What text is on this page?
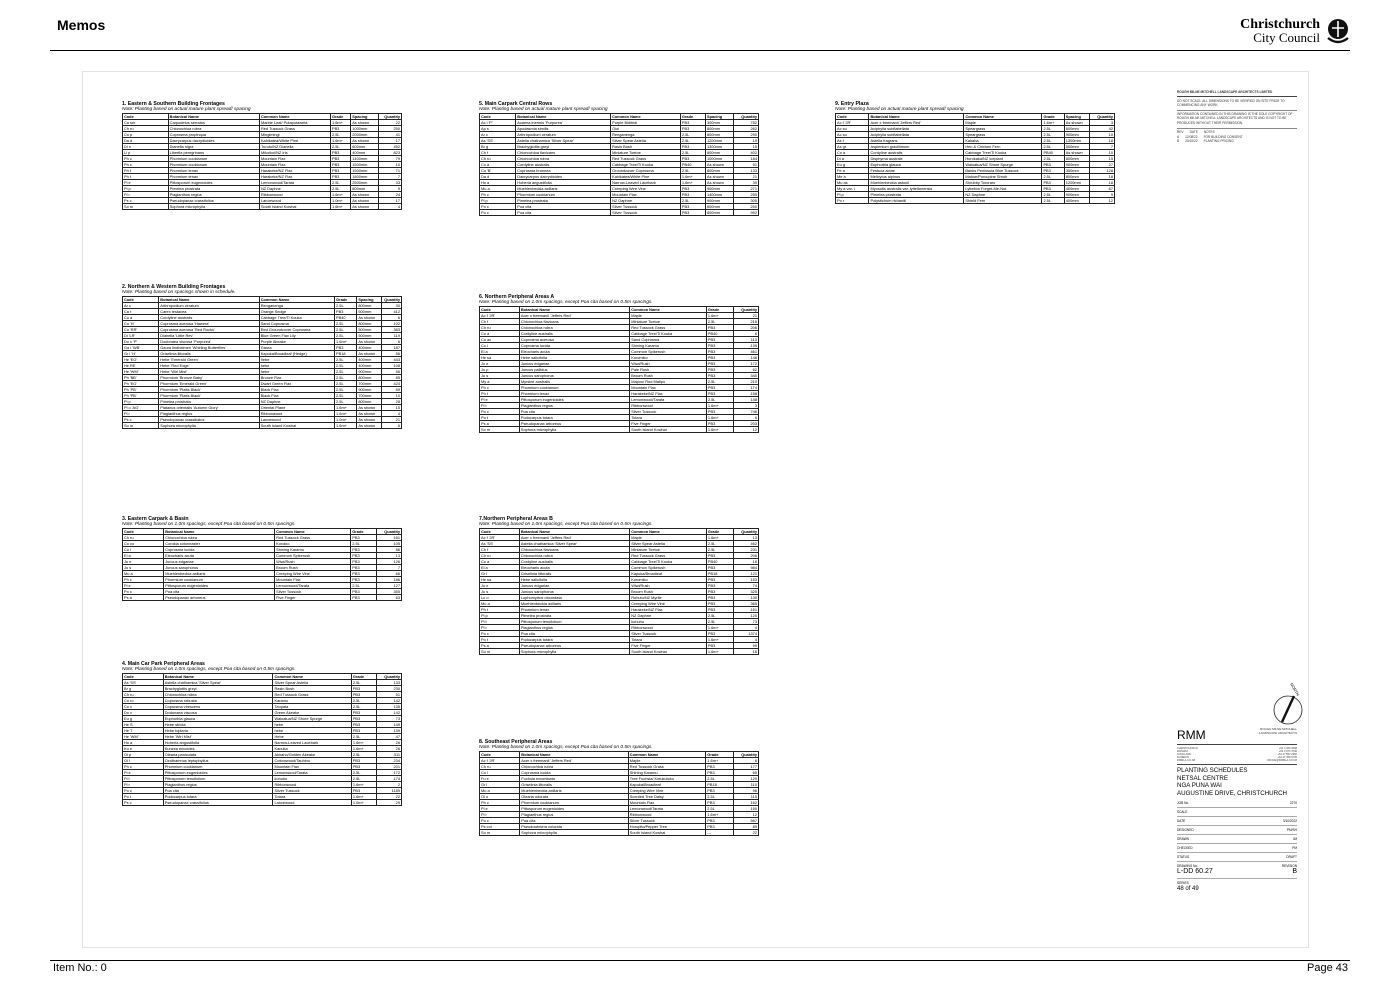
Memos	Christchurch
City Council
1. Eastern & Southern Building Frontages
Note: Planting based on actual mature plant spread/ spacing
Code	Botanical Name	Common Name	Grade	Spacing	Quantity
Ca ser	Carpodetus serratus	Marble Leaf/ Putaputaweta	1.6m+	As shown	22
Ch ru	Chionochloa rubra	Red Tussock Grass	PB3	1000mm	250
Co p	Coprosma propinqua	Mingimingi	2.5L	2000mm	41
Da d	Dacrycarpus dacrydioides	Kahikatea/White Pine	1.6m+	As shown	17
Di n	Dianella nigra	Turutu/NZ Dianella	2.5L	600mm	452
Li p	Libertia peregrinans	Mikoikoi/NZ Iris	PB3	400mm	823
Ph c	Phormium cookianum	Mountain Flax	PB3	1400mm	79
Ph c	Phormium cookianum	Mountain Flax	PB3	1500mm	10
Ph t	Phormium tenax	Harakeke/NZ Flax	PB3	1500mm	71
Ph t	Phormium tenax	Harakeke/NZ Flax	PB3	1800mm	7
Pi e	Pittosporum eugenioides	Lemonwood/Tarata	2.5L	2500mm	33
Pi p	Pimelea prostrata	NZ Daphne	2.5L	800mm	9
Pl r	Plagianthus regius	Ribbonwood	1.6m+	As shown	24
Ps c	Pseudopanax crassifolius	Lancewood	1.0m+	As shown	17
So m	Sophora microphylla	South Island Kowhai	1.6m+	As shown	4
5. Main Carpark Central Rows
Note: Planting based on actual mature plant spread/ spacing
Code	Botanical Name	Common Name	Grade	Spacing	Quantity
Ac i 'P'	Acaena inermis 'Purpurea'	Purple Bidibidi	PB3	300mm	782
Ap s	Apodasmia similis	Oioi	PB3	800mm	262
Ar c	Arthropodium cirratum	Renganenga	2.5L	800mm	290
As 'SS'	Astelia chathamica 'Silver Spear'	Silver Spear Astelia	2.5L	1200mm	19
Br g	Brachyglottis greyi	Rasin Bush	PB3	1300mm	15
Ch f	Chionochloa flavicans	Miniature Toetoe	2.5L	800mm	402
Ch ru	Chionochloa rubra	Red Tussock Grass	PB3	1000mm	184
Co a	Cordyline australis	Cabbage Tree/Ti Kouka	PB40	As shown	51
Co 'B'	Coprosma brunnea	Groundcover Coprosma	2.5L	800mm	133
Da d	Dacrycarpus dacrydioides	Kahikatea/White Pine	1.6m+	As shown	21
Ho a	Hoheria angustifolia	Narrow-Leaved Lacebark	1.6m+	As shown	39
Mu a	Muehlenbeckia axillaris	Creeping Wire Vine	PB3	900mm	271
Ph c	Phormium cookianum	Mountain Flax	PB3	1400mm	259
Pi p	Pimelea prostrata	NZ Daphne	2.5L	900mm	305
Po c	Poa cita	Silver Tussock	PB3	600mm	250
Po c	Poa cita	Silver Tussock	PB3	800mm	992
9. Entry Plaza
Note: Planting based on actual mature plant spread/ spacing
Code	Botanical Name	Common Name	Grade	Spacing	Quantity
Ac f 'JR'	Acer x freemanii 'Jeffers Red'	Maple	1.6m+	As shown	3
Ac su	Aciphylla subflabellata	Speargrass	2.5L	600mm	42
Ac su	Aciphylla subflabellata	Speargrass	2.5L	900mm	10
As f	Astelia fragrans	Kakaha	2.5L	1300mm	18
As gr	Asplenium gracillimum	Hen & Chicken Fern	2.5L	500mm	7
Co a	Cordyline australis	Cabbage Tree/Ti Kouka	PB40	As shown	10
Di a	Disphyma australe	Horokaka/NZ Iceplant	2.5L	800mm	15
Eu g	Euphorbia glauca	Waiuatua/NZ Shore Spurge	PB3	900mm	27
Fe a	Festuca actae	Banks Peninsula Blue Tussock	PB3	350mm	128
Me a	Melicytus alpinus	Mahoe/Porcupine Shrub	2.5L	800mm	18
Mu as	Muehlenbeckia astonii	Shrubby Tororaro	PB3	1200mm	18
My a var. l	Myosotis australis var. lytteltonensis	Lyttelton Forget-Me-Not	PB3	400mm	67
Pi p	Pimelea prostrata	NZ Daphne	2.5L	900mm	9
Po r	Polystichum richardii	Shield Fern	2.5L	400mm	12
2. Northern & Western Building Frontages
Note: Planting based on spacings shown in schedule.
Code	Botanical Name	Common Name	Grade	Spacing	Quantity
Ar c	Arthropodium cirratum	Renganenga	2.5L	800mm	30
Ca t	Carex testacea	Orange Sedge	PB3	500mm	412
Co a	Cordyline australis	Cabbage Tree/Ti Kouka	PB40	As shown	6
Co 'H'	Coprosma acerosa 'Hawera'	Sand Coprosma	2.5L	800mm	102
Co 'RR'	Coprosma acerosa 'Red Rocks'	Red Groundcover Coprosma	2.5L	500mm	383
Di 'LR'	Dianella 'Little Rev'	Blue Green Flax Lily	2.5L	500mm	119
Do v 'P'	Dodonaea viscosa 'Purpurea'	Purple Akeake	1.6m+	As shown	6
Ga l 'WB'	Gaura lindheimeri 'Whirling Butterflies'	Gaura	PB3	400mm	187
Gr l 'H'	Griselinia littoralis	Kapuka/Broadleaf (Hedge)	PB18	As shown	56
He 'EG'	Hebe 'Emerald Green'	hebe	2.5L	400mm	443
He RE	Hebe 'Red Edge'	hebe	2.5L	400mm	108
He 'WM'	Hebe 'Wiri Mist'	hebe	2.5L	900mm	56
Ph 'BB'	Phormium 'Bronze Baby'	Bronze Flax	2.5L	800mm	85
Ph 'EG'	Phormium 'Emerald Green'	Dwarf Green Flax	2.5L	700mm	424
Ph 'PB'	Phormium 'Platts Black'	Black Flax	2.5L	900mm	59
Ph 'PB'	Phormium 'Platts Black'	Black Flax	2.5L	700mm	10
Pi p	Pimelea prostrata	NZ Daphne	2.5L	800mm	28
Pl o 'AG'	Platanus orientalis 'Autumn Glory'	Oriental Plane	1.6m+	As shown	15
Pl r	Plagianthus regius	Ribbonwood	1.6m+	As shown	4
Ps c	Pseudopanax crassifolius	Lancewood	1.0m+	As shown	21
So m	Sophora microphylla	South Island Kowhai	1.6m+	As shown	6
6. Northern Peripheral Areas A
Note: Planting based on 1.0m spacings, except Poa cita based on 0.5m spacings.
Code	Botanical Name	Common Name	Grade	Quantity
Ac f 'JR'	Acer x freemanii 'Jeffers Red'	Maple	1.6m+	21
Ch f	Chionochloa flavicans	Miniature Toetoe	2.5L	216
Ch ru	Chionochloa rubra	Red Tussock Grass	PB3	206
Co a	Cordyline australis	Cabbage Tree/Ti Kouka	PB40	6
Co ac	Coprosma acerosa	Sand Coprosma	PB3	113
Co l	Coprosma lucida	Shining Karamu	PB3	139
El a	Eleocharis acuta	Common Spikerush	PB3	461
He sa	Hebe salicifolia	Koromiko	PB3	146
Ju e	Juncus edgariae	Wiwi/Rush	PB3	172
Ju p	Juncus pallidus	Pale Rush	PB3	62
Ju s	Juncus sarophorus	Broom Rush	PB3	340
My a	Myrsine australis	Mapou/ Red Matipo	2.5L	210
Ph c	Phormium cookianum	Mountain Flax	PB3	174
Ph t	Phormium tenax	Harakeke/NZ Flax	PB3	158
Pi e	Pittosporum eugenioides	Lemonwood/Tarata	2.5L	148
Pl r	Plagianthus regius	Ribbonwood	1.6m+	3
Po c	Poa cita	Silver Tussock	PB3	746
Po t	Podocarpus totara	Totara	1.6m+	6
Ps a	Pseudopanax arboreus	Five Finger	PB3	203
So m	Sophora microphylla	South Island Kowhai	1.6m+	12
3. Eastern Carpark & Basin
Note: Planting based on 1.0m spacings, except Poa cita based on 0.5m spacings.
Code	Botanical Name	Common Name	Grade	Quantity
Ch ru	Chionochloa rubra	Red Tussock Grass	PB3	161
Co co	Corokia cotoneaster	Korokio	2.5L	105
Co l	Coprosma lucida	Shining Karamu	PB3	86
El a	Eleocharis acuta	Common Spikerush	PB3	13
Ju e	Juncus edgariae	Wiwi/Rush	PB3	126
Ju s	Juncus sarophorus	Broom Rush	PB3	7
Mu a	Muehlenbeckia axillaris	Creeping Wire Vine	PB3	66
Ph c	Phormium cookianum	Mountain Flax	PB3	186
Pi e	Pittosporum eugenioides	Lemonwood/Tarata	2.5L	127
Po c	Poa cita	Silver Tussock	PB3	355
Ps a	Pseudopanax arboreus	Five Finger	PB3	63
7.Northern Peripheral Areas B
Note: Planting based on 1.0m spacings, except Poa cita based on 0.5m spacings.
Code	Botanical Name	Common Name	Grade	Quantity
Ac f 'JR'	Acer x freemanii 'Jeffers Red'	Maple	1.6m+	13
As 'SS'	Astelia chathamica 'Silver Spear'	Silver Spear Astelia	2.5L	462
Ch f	Chionochloa flavicans	Miniature Toetoe	2.5L	231
Ch ru	Chionochloa rubra	Red Tussock Grass	PB3	206
Co a	Cordyline australis	Cabbage Tree/Ti Kouka	PB40	16
El a	Eleocharis acuta	Common Spikerush	PB3	984
Gr l	Griselinia littoralis	Kapuka/Broadleaf	PB18	121
He sa	Hebe salicifolia	Koromiko	PB3	153
Ju e	Juncus edgariae	Wiwi/Rush	PB3	74
Ju s	Juncus sarophorus	Broom Rush	PB3	325
Lo o	Lophomyrtus obcordata	Rohutu/NZ Myrtle	PB3	130
Mu a	Muehlenbeckia axillaris	Creeping Wire Vine	PB3	365
Ph t	Phormium tenax	Harakeke/NZ Flax	PB3	161
Pi p	Pimelea prostrata	NZ Daphne	2.5L	120
Pi t	Pittosporum tenuifolium	kohuhu	2.5L	73
Pl r	Plagianthus regius	Ribbonwood	1.6m+	4
Po c	Poa cita	Silver Tussock	PB3	1374
Po t	Podocarpus totara	Totara	1.6m+	4
Ps a	Pseudopanax arboreus	Five Finger	PB3	99
So m	Sophora microphylla	South Island Kowhai	1.6m+	16
4. Main Car Park Peripheral Areas
Note: Planting based on 1.0m spacings, except Poa cita based on 0.5m spacings.
Code	Botanical Name	Common Name	Grade	Quantity
As 'SS'	Astelia chathamica 'Silver Spear'	Silver Spear Astelia	2.5L	133
Br g	Brachyglottis greyi	Rasin Bush	PB3	230
Ch ru	Chionochloa rubra	Red Tussock Grass	PB3	51
Co ro	Coprosma robusta	Karamu	2.5L	142
Co v	Coprosma virescens	Taupata	2.5L	135
Do v	Dodonaea viscosa	Green Akeake	PB3	142
Eu g	Euphorbia glauca	Waiuatua/NZ Shore Spurge	PB3	73
He S	Hebe stricta	hebe	PB3	149
He T	Hebe topiaria	hebe	PB3	139
He 'WM'	Hebe 'Wiri Mist'	Hebe	2.5L	47
Ho a	Hoheria angustifolia	Narrow-Leaved Lacebark	1.6m+	26
Ku e	Kunzea ericoides	Kanuka	1.6m+	26
Ol p	Olearia paniculata	Akiraho/Golden Akeake	2.5L	311
Ol l	Ozothamnus leptophyllus	Cottonwood/Tauhinu	PB3	234
Ph c	Phormium cookianum	Mountain Flax	PB3	201
Pi e	Pittosporum eugenioides	Lemonwood/Tarata	2.5L	172
Pi t	Pittosporum tenuifolium	kohuhu	2.5L	174
Pl r	Plagianthus regius	Ribbonwood	1.6m+	2
Po c	Poa cita	Silver Tussock	PB3	1189
Po t	Podocarpus totara	Totara	1.6m+	22
Ps c	Pseudopanax crassifolius	Lancewood	1.0m+	29
8. Southeast Peripheral Areas
Note: Planting based on 1.0m spacings, except Poa cita based on 0.5m spacings.
Code	Botanical Name	Common Name	Grade	Quantity
Ac f 'JR'	Acer x freemanii 'Jeffers Red'	Maple	1.6m+	6
Ch ru	Chionochloa rubra	Red Tussock Grass	PB3	177
Co l	Coprosma lucida	Shining Karamu	PB3	65
Fu e	Fuchsia excorticata	Tree Fuchsia/ Kotukutuku	2.5L	129
Gr l	Griselinia littoralis	Kapuka/Broadleaf	PB18	110
Mu a	Muehlenbeckia axillaris	Creeping Wire Vine	PB3	96
Ol o	Olearia odorata	Scented Tree Daisy	2.5L	115
Ph c	Phormium cookianum	Mountain Flax	PB3	162
Pi e	Pittosporum eugenioides	Lemonwood/Tarata	2.5L	150
Pl r	Plagianthus regius	Ribbonwood	1.6m+	12
Po c	Poa cita	Silver Tussock	PB3	567
Ps col	Pseudowintera colorata	Horopito/Pepper Tree	PB3	89
So m	Sophora microphylla	South Island Kowhai	---	22
ROUGH MILNE MITCHELL LANDSCAPE ARCHITECTS LIMITED
DO NOT SCALE. ALL DIMENSIONS TO BE VERIFIED ON SITE PRIOR TO COMMENCING ANY WORK.
INFORMATION CONTAINED IN THIS DRAWING IS THE SOLE COPYRIGHT OF ROUGH MILNE MITCHELL LANDSCAPE ARCHITECTS AND IS NOT TO BE PRODUCED WITHOUT THEIR PERMISSION.
REV DATE NOTES
A 12/08/22 FOR BUILDING CONSENT
B 20/10/22 PLANTING PRICING
NORTH
RMM	ROUGH MILNE MITCHELL LANDSCAPE ARCHITECTS
CHRISTCHURCH	+64 3 366 3268
WANAKA	+64 3 974 7040
AUCKLAND	+64 27 552 2382
DUNEDIN	+64 27 458 0735
RMMLA.CO.NZ	OFFICE@RMMLA.CO.NZ
PLANTING SCHEDULES
NETSAL CENTRE
NGA PUNA WAI
AUGUSTINE DRIVE, CHRISTCHURCH
JOB No.	2270
SCALE
DATE	3/10/2022
DESIGNED	PM/SH
DRAWN	JM
CHECKED	PM
STATUS	DRAFT
DRAWING No.	REVISION
L-DD 60.27	B
SERIES
48 of 49
Item No.: 0	Page 43
